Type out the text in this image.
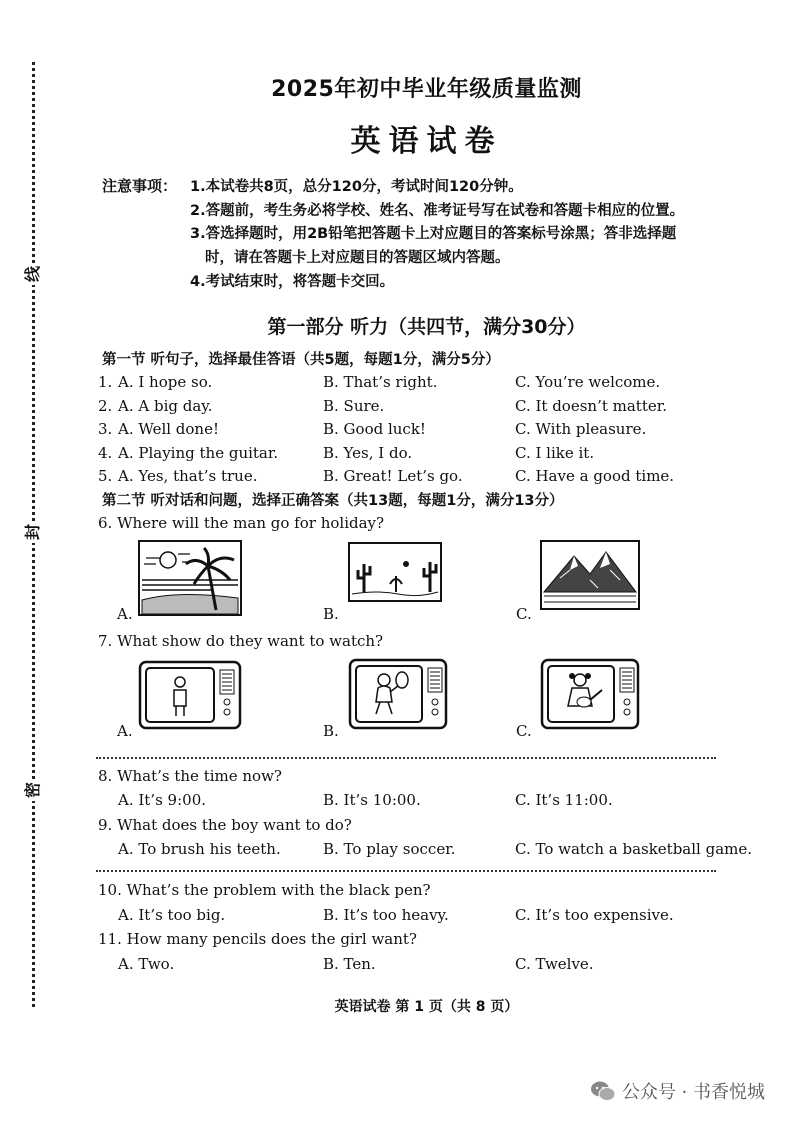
线
封
密
2025年初中毕业年级质量监测
英语试卷
注意事项： 1.本试卷共8页，总分120分，考试时间120分钟。
2.答题前，考生务必将学校、姓名、准考证号写在试卷和答题卡相应的位置。
3.答选择题时，用2B铅笔把答题卡上对应题目的答案标号涂黑；答非选择题
时，请在答题卡上对应题目的答题区域内答题。
4.考试结束时，将答题卡交回。
第一部分 听力（共四节，满分30分）
第一节 听句子，选择最佳答语（共5题，每题1分，满分5分）
1. A. I hope so.	B. That’s right.	C. You’re welcome.
2. A. A big day.	B. Sure.	C. It doesn’t matter.
3. A. Well done!	B. Good luck!	C. With pleasure.
4. A. Playing the guitar.	B. Yes, I do.	C. I like it.
5. A. Yes, that’s true.	B. Great! Let’s go.	C. Have a good time.
第二节 听对话和问题，选择正确答案（共13题，每题1分，满分13分）
6. Where will the man go for holiday?
A.	B.	C.
7. What show do they want to watch?
A.	B.	C.
8. What’s the time now?
A. It’s 9:00.	B. It’s 10:00.	C. It’s 11:00.
9. What does the boy want to do?
A. To brush his teeth.	B. To play soccer.	C. To watch a basketball game.
10. What’s the problem with the black pen?
A. It’s too big.	B. It’s too heavy.	C. It’s too expensive.
11. How many pencils does the girl want?
A. Two.	B. Ten.	C. Twelve.
英语试卷 第 1 页（共 8 页）
公众号 · 书香悦城
